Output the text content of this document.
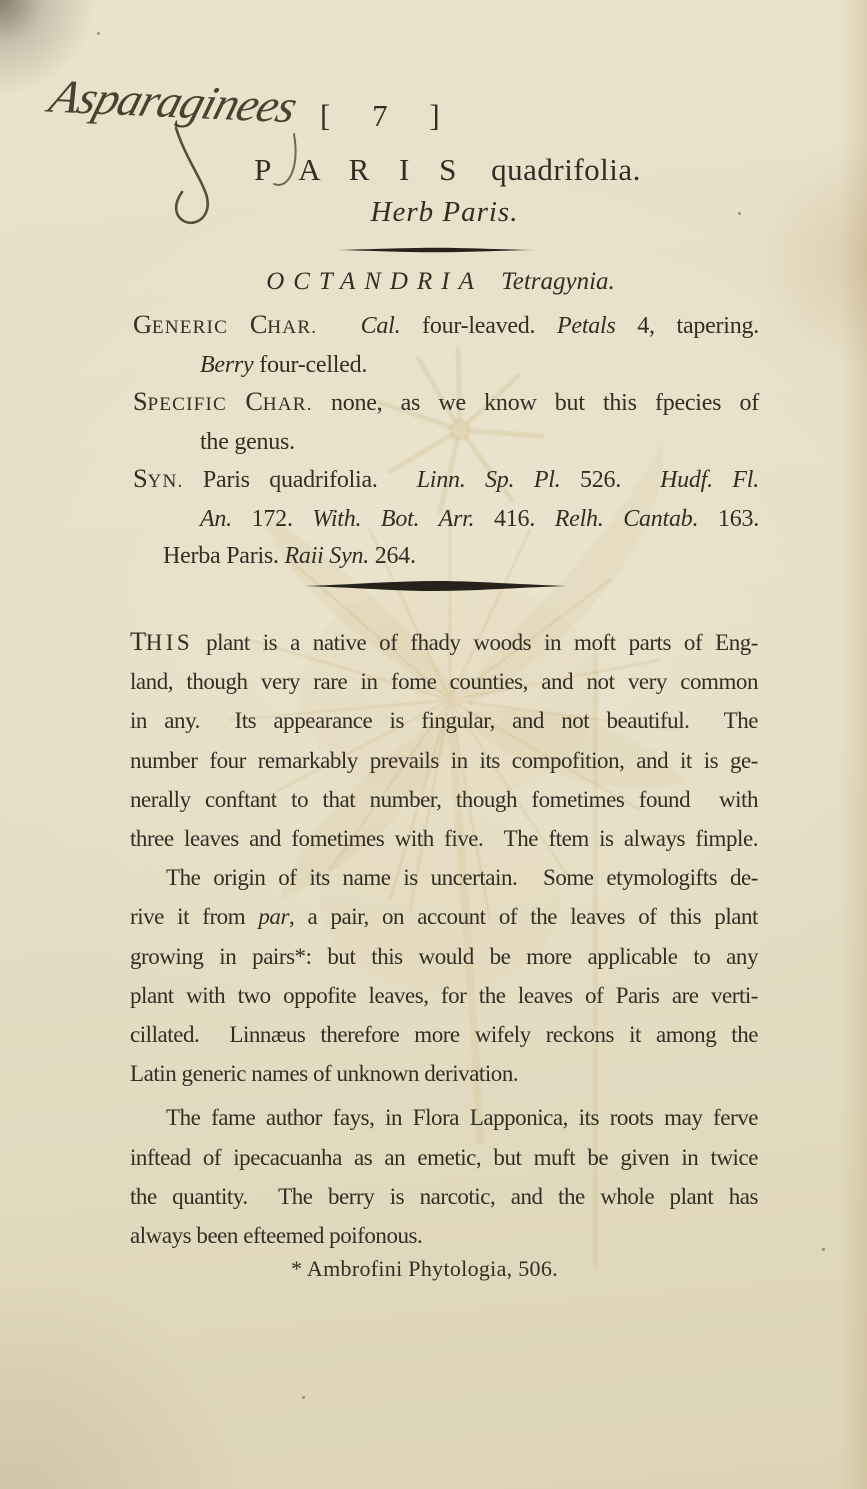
Asparaginees [ 7 ]
P A R I S quadrifolia.
Herb Paris.
OCTANDRIA Tetragynia.
GENERIC CHAR. Cal. four-leaved. Petals 4, tapering.
Berry four-celled.
SPECIFIC CHAR. none, as we know but this fpecies of
the genus.
SYN. Paris quadrifolia.  Linn. Sp. Pl. 526.  Hudf. Fl.
An. 172. With. Bot. Arr. 416. Relh. Cantab. 163.
Herba Paris. Raii Syn. 264.
THIS plant is a native of fhady woods in moft parts of Eng-
land, though very rare in fome counties, and not very common
in any.  Its appearance is fingular, and not beautiful.  The
number four remarkably prevails in its compofition, and it is ge-
nerally conftant to that number, though fometimes found  with
three leaves and fometimes with five.  The ftem is always fimple.
The origin of its name is uncertain.  Some etymologifts de-
rive it from par, a pair, on account of the leaves of this plant
growing in pairs*: but this would be more applicable to any
plant with two oppofite leaves, for the leaves of Paris are verti-
cillated.  Linnæus therefore more wifely reckons it among the
Latin generic names of unknown derivation.
The fame author fays, in Flora Lapponica, its roots may ferve
inftead of ipecacuanha as an emetic, but muft be given in twice
the quantity.  The berry is narcotic, and the whole plant has
always been efteemed poifonous.
* Ambrofini Phytologia, 506.
